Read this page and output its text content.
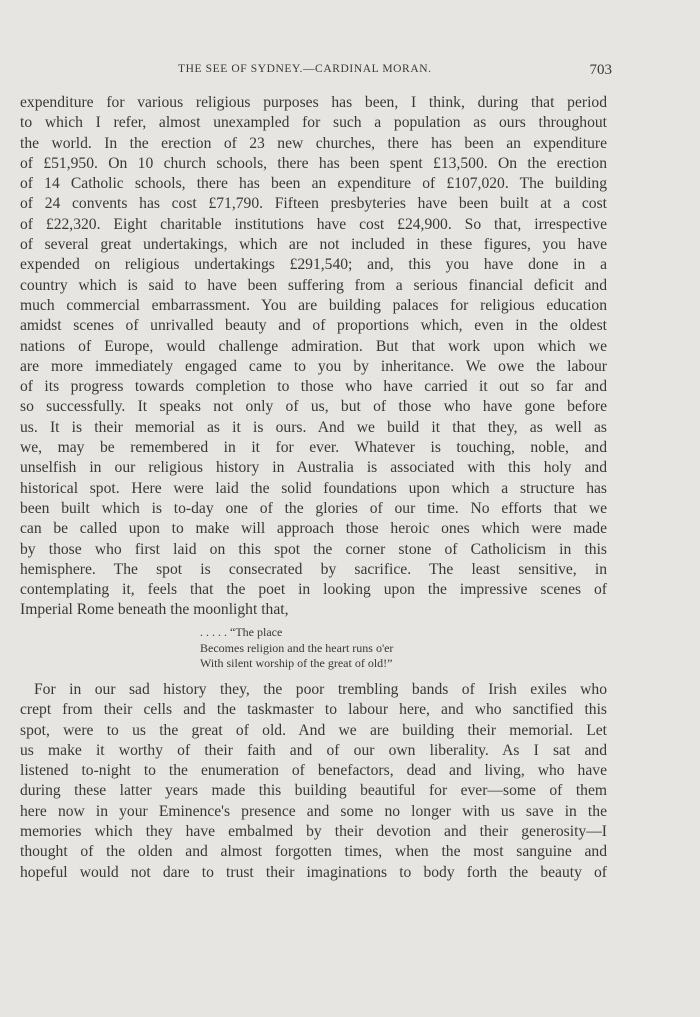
THE SEE OF SYDNEY.—CARDINAL MORAN.	703
expenditure for various religious purposes has been, I think, during that period
to which I refer, almost unexampled for such a population as ours throughout
the world. In the erection of 23 new churches, there has been an expenditure
of £51,950. On 10 church schools, there has been spent £13,500. On the erection
of 14 Catholic schools, there has been an expenditure of £107,020. The building
of 24 convents has cost £71,790. Fifteen presbyteries have been built at a cost
of £22,320. Eight charitable institutions have cost £24,900. So that, irrespective
of several great undertakings, which are not included in these figures, you have
expended on religious undertakings £291,540; and, this you have done in a
country which is said to have been suffering from a serious financial deficit and
much commercial embarrassment. You are building palaces for religious education
amidst scenes of unrivalled beauty and of proportions which, even in the oldest
nations of Europe, would challenge admiration. But that work upon which we
are more immediately engaged came to you by inheritance. We owe the labour
of its progress towards completion to those who have carried it out so far and
so successfully. It speaks not only of us, but of those who have gone before
us. It is their memorial as it is ours. And we build it that they, as well as
we, may be remembered in it for ever. Whatever is touching, noble, and
unselfish in our religious history in Australia is associated with this holy and
historical spot. Here were laid the solid foundations upon which a structure has
been built which is to-day one of the glories of our time. No efforts that we
can be called upon to make will approach those heroic ones which were made
by those who first laid on this spot the corner stone of Catholicism in this
hemisphere. The spot is consecrated by sacrifice. The least sensitive, in
contemplating it, feels that the poet in looking upon the impressive scenes of
Imperial Rome beneath the moonlight that,
. . . . . “The place
Becomes religion and the heart runs o'er
With silent worship of the great of old!”
For in our sad history they, the poor trembling bands of Irish exiles who
crept from their cells and the taskmaster to labour here, and who sanctified this
spot, were to us the great of old. And we are building their memorial. Let
us make it worthy of their faith and of our own liberality. As I sat and
listened to-night to the enumeration of benefactors, dead and living, who have
during these latter years made this building beautiful for ever—some of them
here now in your Eminence's presence and some no longer with us save in the
memories which they have embalmed by their devotion and their generosity—I
thought of the olden and almost forgotten times, when the most sanguine and
hopeful would not dare to trust their imaginations to body forth the beauty of
